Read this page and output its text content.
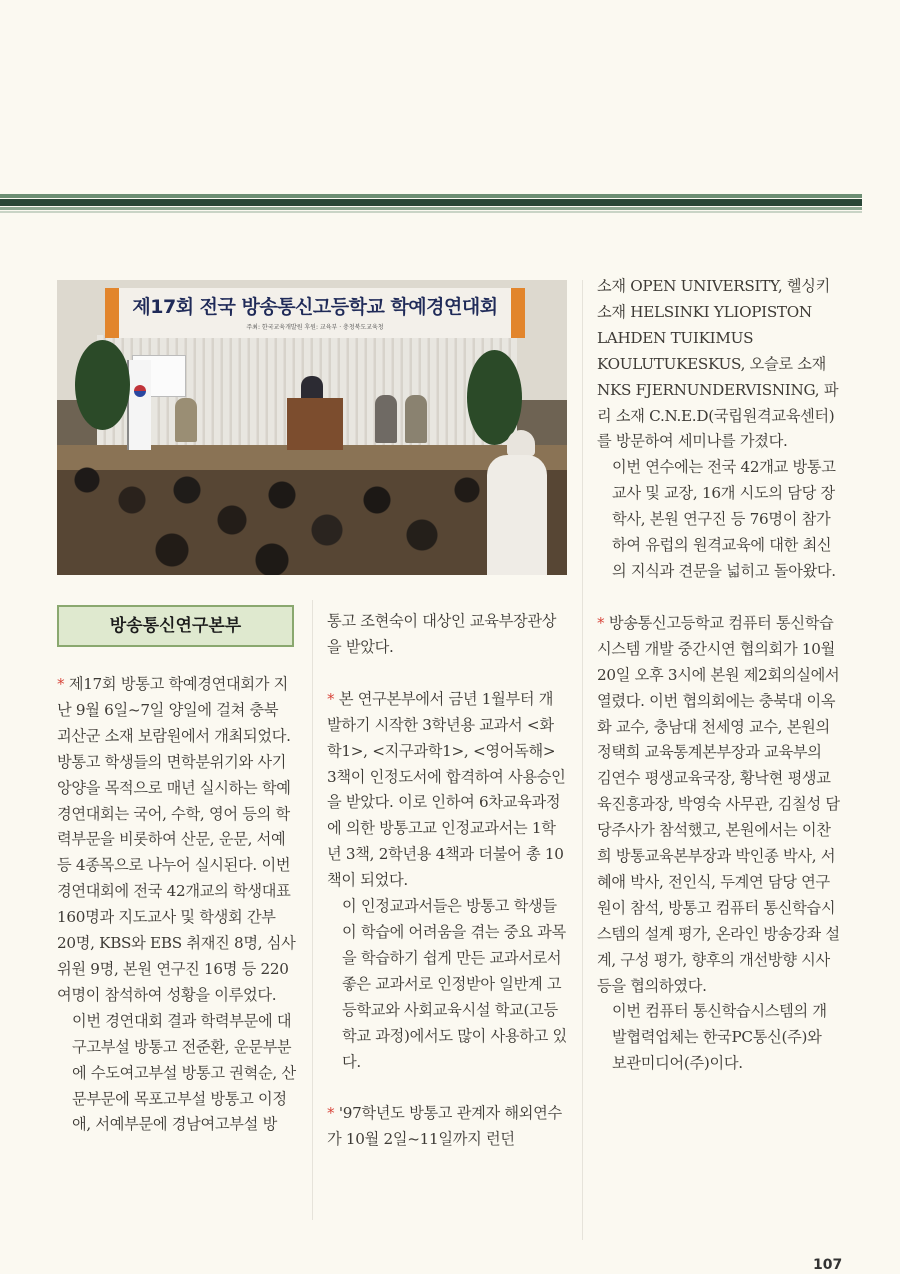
제17회 전국 방송통신고등학교 학예경연대회
주최: 한국교육개발원 후원: 교육부 · 충청북도교육청
방송통신연구본부

* 제17회 방통고 학예경연대회가 지난 9월 6일~7일 양일에 걸쳐 충북 괴산군 소재 보람원에서 개최되었다. 방통고 학생들의 면학분위기와 사기 앙양을 목적으로 매년 실시하는 학예경연대회는 국어, 수학, 영어 등의 학력부문을 비롯하여 산문, 운문, 서예 등 4종목으로 나누어 실시된다. 이번 경연대회에 전국 42개교의 학생대표 160명과 지도교사 및 학생회 간부 20명, KBS와 EBS 취재진 8명, 심사위원 9명, 본원 연구진 16명 등 220여명이 참석하여 성황을 이루었다.

이번 경연대회 결과 학력부문에 대구고부설 방통고 전준환, 운문부분에 수도여고부설 방통고 권혁순, 산문부문에 목포고부설 방통고 이정애, 서예부문에 경남여고부설 방

통고 조현숙이 대상인 교육부장관상을 받았다.

* 본 연구본부에서 금년 1월부터 개발하기 시작한 3학년용 교과서 <화학1>, <지구과학1>, <영어독해> 3책이 인정도서에 합격하여 사용승인을 받았다. 이로 인하여 6차교육과정에 의한 방통고교 인정교과서는 1학년 3책, 2학년용 4책과 더불어 총 10책이 되었다.

이 인정교과서들은 방통고 학생들이 학습에 어려움을 겪는 중요 과목을 학습하기 쉽게 만든 교과서로서 좋은 교과서로 인정받아 일반계 고등학교와 사회교육시설 학교(고등학교 과정)에서도 많이 사용하고 있다.

* '97학년도 방통고 관계자 해외연수가 10월 2일~11일까지 런던

소재 OPEN UNIVERSITY, 헬싱키 소재 HELSINKI YLIOPISTON LAHDEN TUIKIMUS KOULUTUKESKUS, 오슬로 소재 NKS FJERNUNDERVISNING, 파리 소재 C.N.E.D(국립원격교육센터)를 방문하여 세미나를 가졌다.

이번 연수에는 전국 42개교 방통고 교사 및 교장, 16개 시도의 담당 장학사, 본원 연구진 등 76명이 참가하여 유럽의 원격교육에 대한 최신의 지식과 견문을 넓히고 돌아왔다.

* 방송통신고등학교 컴퓨터 통신학습시스템 개발 중간시연 협의회가 10월 20일 오후 3시에 본원 제2회의실에서 열렸다. 이번 협의회에는 충북대 이옥화 교수, 충남대 천세영 교수, 본원의 정택희 교육통계본부장과 교육부의 김연수 평생교육국장, 황낙현 평생교육진흥과장, 박영숙 사무관, 김칠성 담당주사가 참석했고, 본원에서는 이찬희 방통교육본부장과 박인종 박사, 서혜애 박사, 전인식, 두계연 담당 연구원이 참석, 방통고 컴퓨터 통신학습시스템의 설계 평가, 온라인 방송강좌 설계, 구성 평가, 향후의 개선방향 시사 등을 협의하였다.

이번 컴퓨터 통신학습시스템의 개발협력업체는 한국PC통신(주)와 보관미디어(주)이다.

107
